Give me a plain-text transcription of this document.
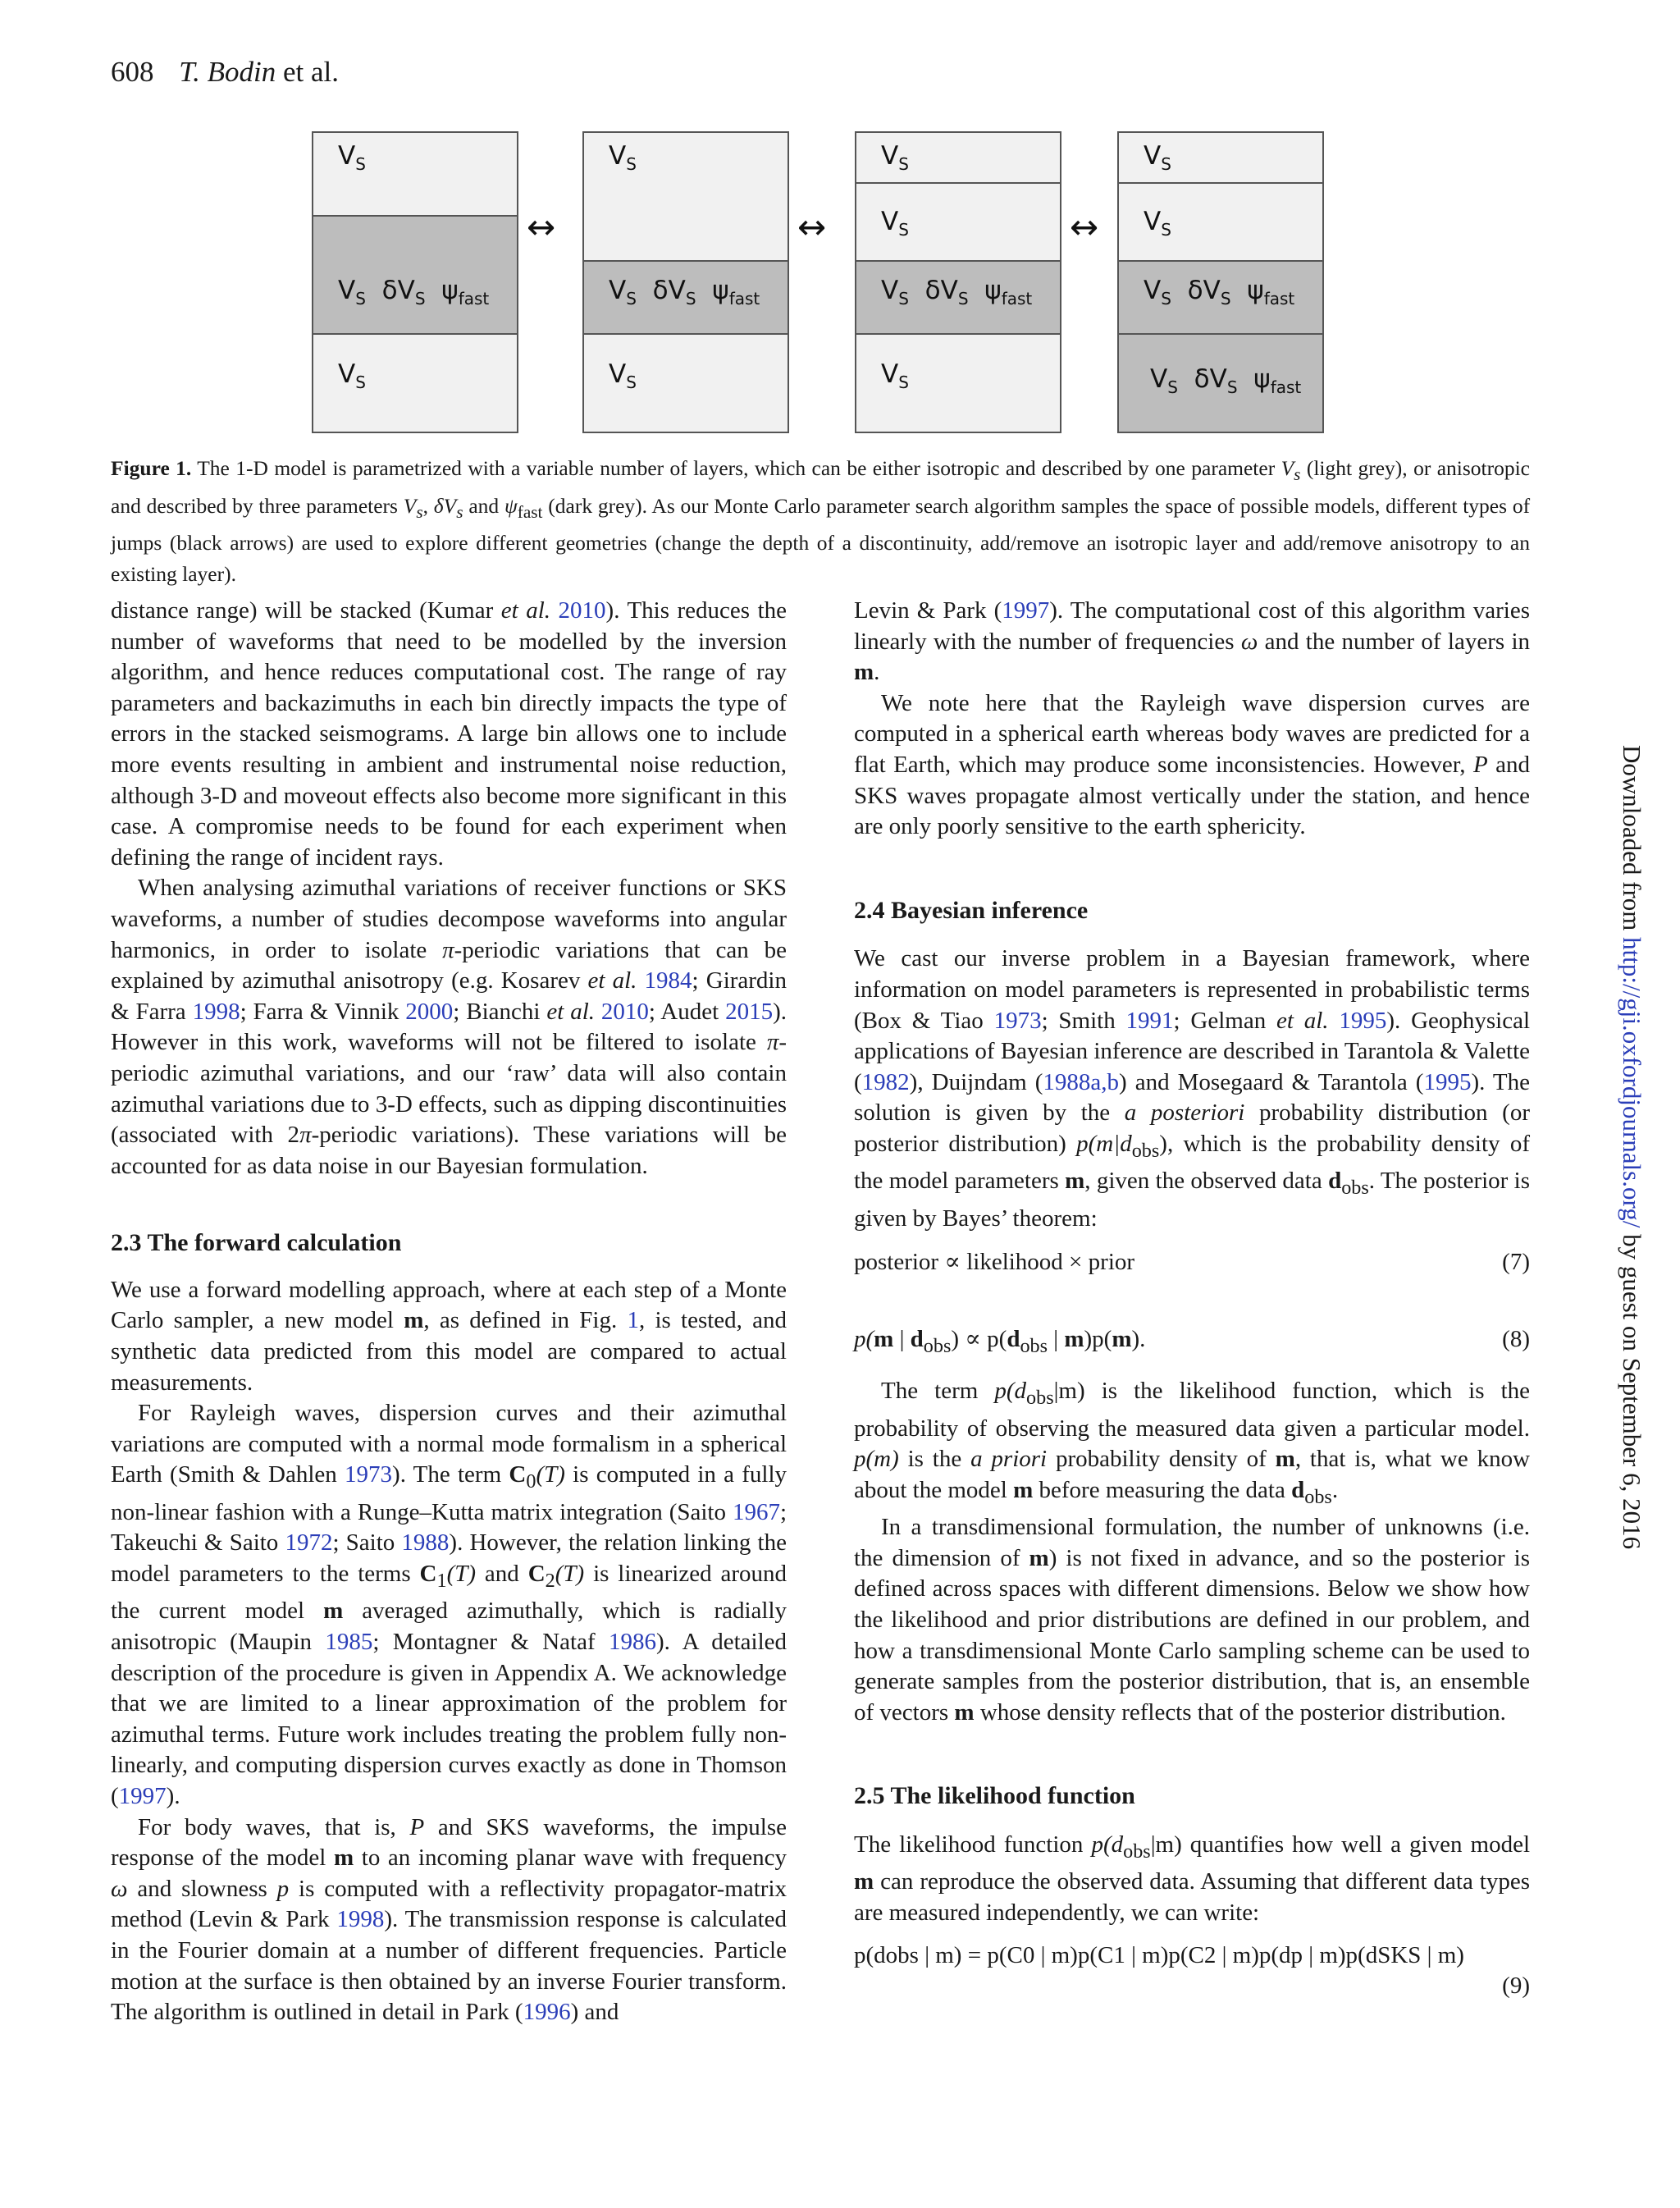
608 T. Bodin et al.
$V_S$
$V_S$ $\delta V_S$ $\psi_{fast}$
$V_S$
↔
$V_S$
$V_S$ $\delta V_S$ $\psi_{fast}$
$V_S$
↔
$V_S$
$V_S$
$V_S$ $\delta V_S$ $\psi_{fast}$
$V_S$
↔
$V_S$
$V_S$
$V_S$ $\delta V_S$ $\psi_{fast}$
$V_S$ $\delta V_S$ $\psi_{fast}$
Figure 1. The 1-D model is parametrized with a variable number of layers, which can be either isotropic and described by one parameter $V_s$ (light grey), or anisotropic and described by three parameters $V_s$, $\delta V_s$ and $\psi_{fast}$ (dark grey). As our Monte Carlo parameter search algorithm samples the space of possible models, different types of jumps (black arrows) are used to explore different geometries (change the depth of a discontinuity, add/remove an isotropic layer and add/remove anisotropy to an existing layer).

distance range) will be stacked (Kumar et al. 2010). This reduces the number of waveforms that need to be modelled by the inversion algorithm, and hence reduces computational cost. The range of ray parameters and backazimuths in each bin directly impacts the type of errors in the stacked seismograms. A large bin allows one to include more events resulting in ambient and instrumental noise reduction, although 3-D and moveout effects also become more significant in this case. A compromise needs to be found for each experiment when defining the range of incident rays.

When analysing azimuthal variations of receiver functions or SKS waveforms, a number of studies decompose waveforms into angular harmonics, in order to isolate π-periodic variations that can be explained by azimuthal anisotropy (e.g. Kosarev et al. 1984; Girardin & Farra 1998; Farra & Vinnik 2000; Bianchi et al. 2010; Audet 2015). However in this work, waveforms will not be filtered to isolate π-periodic azimuthal variations, and our ‘raw’ data will also contain azimuthal variations due to 3-D effects, such as dipping discontinuities (associated with 2π-periodic variations). These variations will be accounted for as data noise in our Bayesian formulation.

2.3 The forward calculation

We use a forward modelling approach, where at each step of a Monte Carlo sampler, a new model m, as defined in Fig. 1, is tested, and synthetic data predicted from this model are compared to actual measurements.

For Rayleigh waves, dispersion curves and their azimuthal variations are computed with a normal mode formalism in a spherical Earth (Smith & Dahlen 1973). The term $C_0(T)$ is computed in a fully non-linear fashion with a Runge–Kutta matrix integration (Saito 1967; Takeuchi & Saito 1972; Saito 1988). However, the relation linking the model parameters to the terms $C_1(T)$ and $C_2(T)$ is linearized around the current model m averaged azimuthally, which is radially anisotropic (Maupin 1985; Montagner & Nataf 1986). A detailed description of the procedure is given in Appendix A. We acknowledge that we are limited to a linear approximation of the problem for azimuthal terms. Future work includes treating the problem fully non-linearly, and computing dispersion curves exactly as done in Thomson (1997).

For body waves, that is, P and SKS waveforms, the impulse response of the model m to an incoming planar wave with frequency ω and slowness p is computed with a reflectivity propagator-matrix method (Levin & Park 1998). The transmission response is calculated in the Fourier domain at a number of different frequencies. Particle motion at the surface is then obtained by an inverse Fourier transform. The algorithm is outlined in detail in Park (1996) and

Levin & Park (1997). The computational cost of this algorithm varies linearly with the number of frequencies ω and the number of layers in m.

We note here that the Rayleigh wave dispersion curves are computed in a spherical earth whereas body waves are predicted for a flat Earth, which may produce some inconsistencies. However, P and SKS waves propagate almost vertically under the station, and hence are only poorly sensitive to the earth sphericity.

2.4 Bayesian inference

We cast our inverse problem in a Bayesian framework, where information on model parameters is represented in probabilistic terms (Box & Tiao 1973; Smith 1991; Gelman et al. 1995). Geophysical applications of Bayesian inference are described in Tarantola & Valette (1982), Duijndam (1988a,b) and Mosegaard & Tarantola (1995). The solution is given by the a posteriori probability distribution (or posterior distribution) $p(m|d_{obs})$, which is the probability density of the model parameters m, given the observed data $d_{obs}$. The posterior is given by Bayes’ theorem:

posterior ∝ likelihood × prior	(7)
p(m | $d_{obs}) \propto p(d_{obs}$ | m)p(m).	(8)

The term $p(d_{obs}|m)$ is the likelihood function, which is the probability of observing the measured data given a particular model. p(m) is the a priori probability density of m, that is, what we know about the model m before measuring the data $d_{obs}$.

In a transdimensional formulation, the number of unknowns (i.e. the dimension of m) is not fixed in advance, and so the posterior is defined across spaces with different dimensions. Below we show how the likelihood and prior distributions are defined in our problem, and how a transdimensional Monte Carlo sampling scheme can be used to generate samples from the posterior distribution, that is, an ensemble of vectors m whose density reflects that of the posterior distribution.

2.5 The likelihood function

The likelihood function $p(d_{obs}|m)$ quantifies how well a given model m can reproduce the observed data. Assuming that different data types are measured independently, we can write:

p(dobs | m) = p(C0 | m)p(C1 | m)p(C2 | m)p(dp | m)p(dSKS | m)
(9)
Downloaded from http://gji.oxfordjournals.org/ by guest on September 6, 2016
